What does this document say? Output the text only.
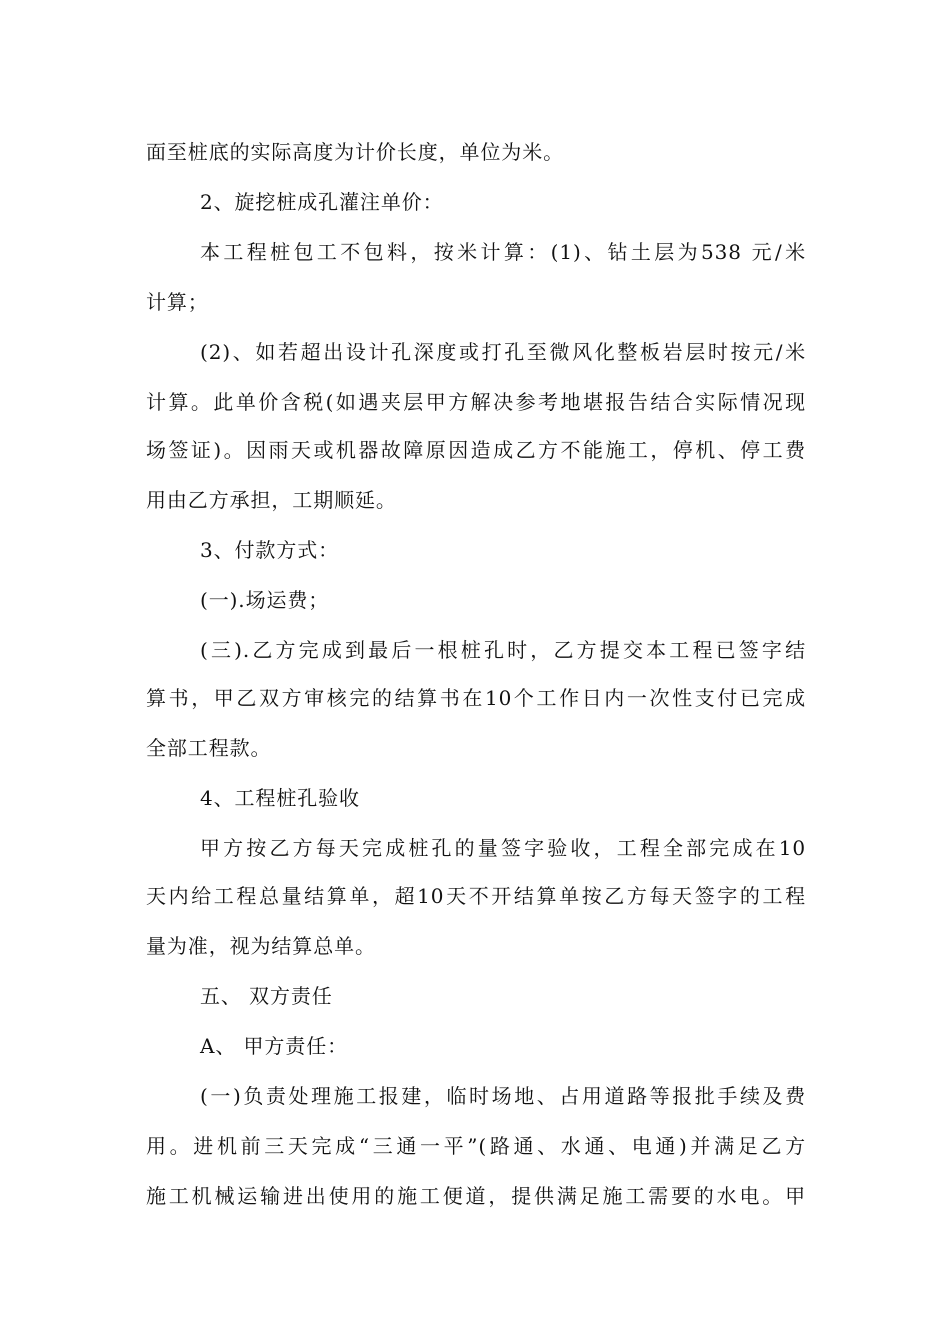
面至桩底的实际高度为计价长度，单位为米。
2、旋挖桩成孔灌注单价：
本工程桩包工不包料，按米计算：(1)、钻土层为538 元/米
计算；
(2)、如若超出设计孔深度或打孔至微风化整板岩层时按元/米
计算。此单价含税(如遇夹层甲方解决参考地堪报告结合实际情况现
场签证)。因雨天或机器故障原因造成乙方不能施工，停机、停工费
用由乙方承担，工期顺延。
3、付款方式：
(一).场运费；
(三).乙方完成到最后一根桩孔时，乙方提交本工程已签字结
算书，甲乙双方审核完的结算书在10个工作日内一次性支付已完成
全部工程款。
4、工程桩孔验收
甲方按乙方每天完成桩孔的量签字验收，工程全部完成在10
天内给工程总量结算单，超10天不开结算单按乙方每天签字的工程
量为准，视为结算总单。
五、 双方责任
A、 甲方责任：
(一)负责处理施工报建，临时场地、占用道路等报批手续及费
用。进机前三天完成“三通一平”(路通、水通、电通)并满足乙方
施工机械运输进出使用的施工便道，提供满足施工需要的水电。甲
